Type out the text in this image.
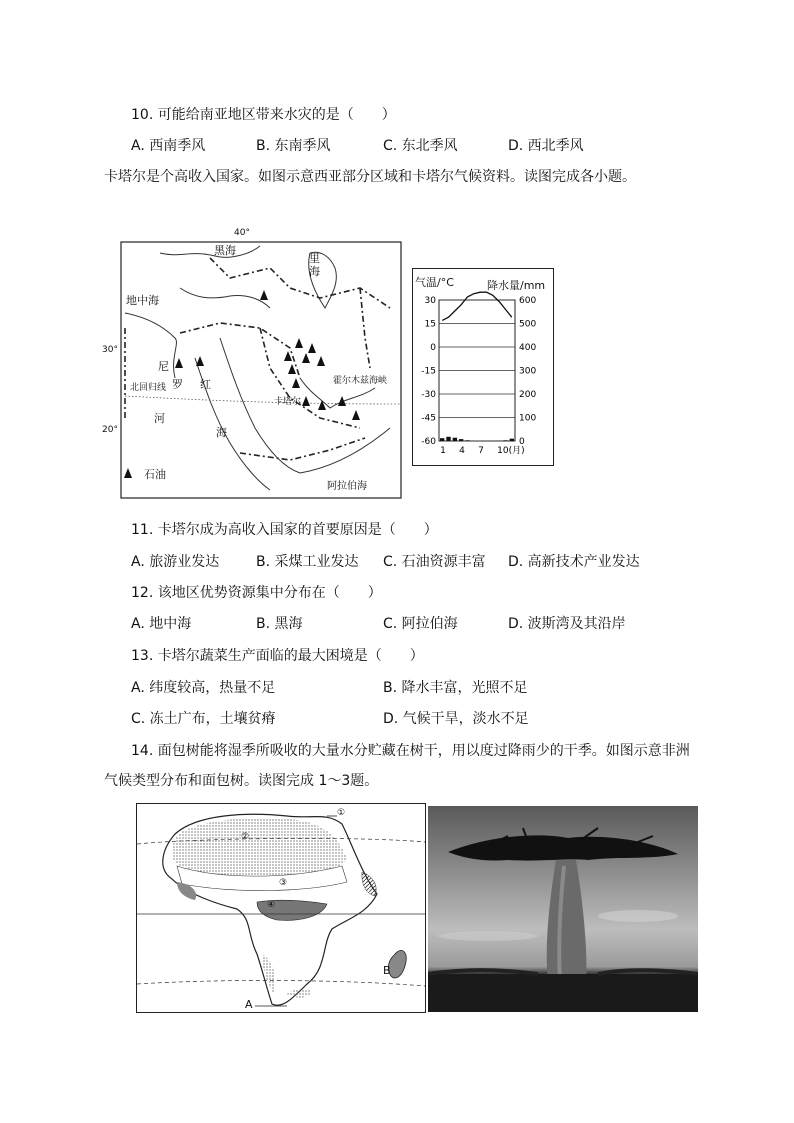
10. 可能给南亚地区带来水灾的是（　　）
A. 西南季风	B. 东南季风	C. 东北季风	D. 西北季风
卡塔尔是个高收入国家。如图示意西亚部分区域和卡塔尔气候资料。读图完成各小题。
40°
30°
20°
黑海
里
海
地中海
尼
罗
河
红
海
北回归线
霍尔木兹海峡
卡塔尔
阿拉伯海
石油
气温/°C	降水量/mm
30
15
0
-15
-30
-45
-60
600
500
400
300
200
100
0
1 4 7 10(月)
11. 卡塔尔成为高收入国家的首要原因是（　　）
A. 旅游业发达	B. 采煤工业发达 C. 石油资源丰富 D. 高新技术产业发达
12. 该地区优势资源集中分布在（　　）
A. 地中海	B. 黑海	C. 阿拉伯海	D. 波斯湾及其沿岸
13. 卡塔尔蔬菜生产面临的最大困境是（　　）
A. 纬度较高，热量不足	B. 降水丰富，光照不足
C. 冻土广布，土壤贫瘠	D. 气候干旱，淡水不足
14. 面包树能将湿季所吸收的大量水分贮藏在树干，用以度过降雨少的干季。如图示意非洲
气候类型分布和面包树。读图完成 1～3题。
①
②
③
④
A
B
